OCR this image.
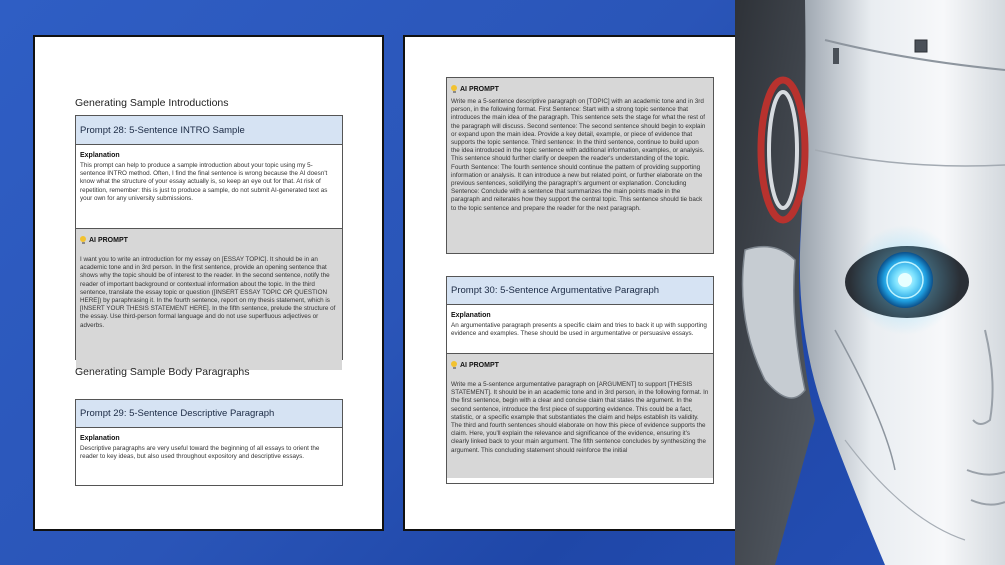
Generating Sample Introductions
Prompt 28: 5-Sentence INTRO Sample
Explanation
This prompt can help to produce a sample introduction about your topic using my 5-sentence INTRO method. Often, I find the final sentence is wrong because the AI doesn't know what the structure of your essay actually is, so keep an eye out for that. At risk of repetition, remember: this is just to produce a sample, do not submit AI-generated text as your own for any university submissions.
AI PROMPT
I want you to write an introduction for my essay on [ESSAY TOPIC]. It should be in an academic tone and in 3rd person. In the first sentence, provide an opening sentence that shows why the topic should be of interest to the reader. In the second sentence, notify the reader of important background or contextual information about the topic. In the third sentence, translate the essay topic or question ([INSERT ESSAY TOPIC OR QUESTION HERE]) by paraphrasing it. In the fourth sentence, report on my thesis statement, which is [INSERT YOUR THESIS STATEMENT HERE]. In the fifth sentence, prelude the structure of the essay. Use third-person formal language and do not use superfluous adjectives or adverbs.
Generating Sample Body Paragraphs
Prompt 29: 5-Sentence Descriptive Paragraph
Explanation
Descriptive paragraphs are very useful toward the beginning of all essays to orient the reader to key ideas, but also used throughout expository and descriptive essays.
AI PROMPT
Write me a 5-sentence descriptive paragraph on [TOPIC] with an academic tone and in 3rd person, in the following format. First Sentence: Start with a strong topic sentence that introduces the main idea of the paragraph. This sentence sets the stage for what the rest of the paragraph will discuss. Second sentence: The second sentence should begin to explain or expand upon the main idea. Provide a key detail, example, or piece of evidence that supports the topic sentence. Third sentence: In the third sentence, continue to build upon the idea introduced in the topic sentence with additional information, examples, or analysis. This sentence should further clarify or deepen the reader's understanding of the topic. Fourth Sentence: The fourth sentence should continue the pattern of providing supporting information or analysis. It can introduce a new but related point, or further elaborate on the previous sentences, solidifying the paragraph's argument or explanation. Concluding Sentence: Conclude with a sentence that summarizes the main points made in the paragraph and reiterates how they support the central topic. This sentence should tie back to the topic sentence and prepare the reader for the next paragraph.
Prompt 30: 5-Sentence Argumentative Paragraph
Explanation
An argumentative paragraph presents a specific claim and tries to back it up with supporting evidence and examples. These should be used in argumentative or persuasive essays.
AI PROMPT
Write me a 5-sentence argumentative paragraph on [ARGUMENT] to support [THESIS STATEMENT]. It should be in an academic tone and in 3rd person, in the following format. In the first sentence, begin with a clear and concise claim that states the argument. In the second sentence, introduce the first piece of supporting evidence. This could be a fact, statistic, or a specific example that substantiates the claim and helps establish its validity. The third and fourth sentences should elaborate on how this piece of evidence supports the claim. Here, you'll explain the relevance and significance of the evidence, ensuring it's clearly linked back to your main argument. The fifth sentence concludes by synthesizing the argument. This concluding statement should reinforce the initial
